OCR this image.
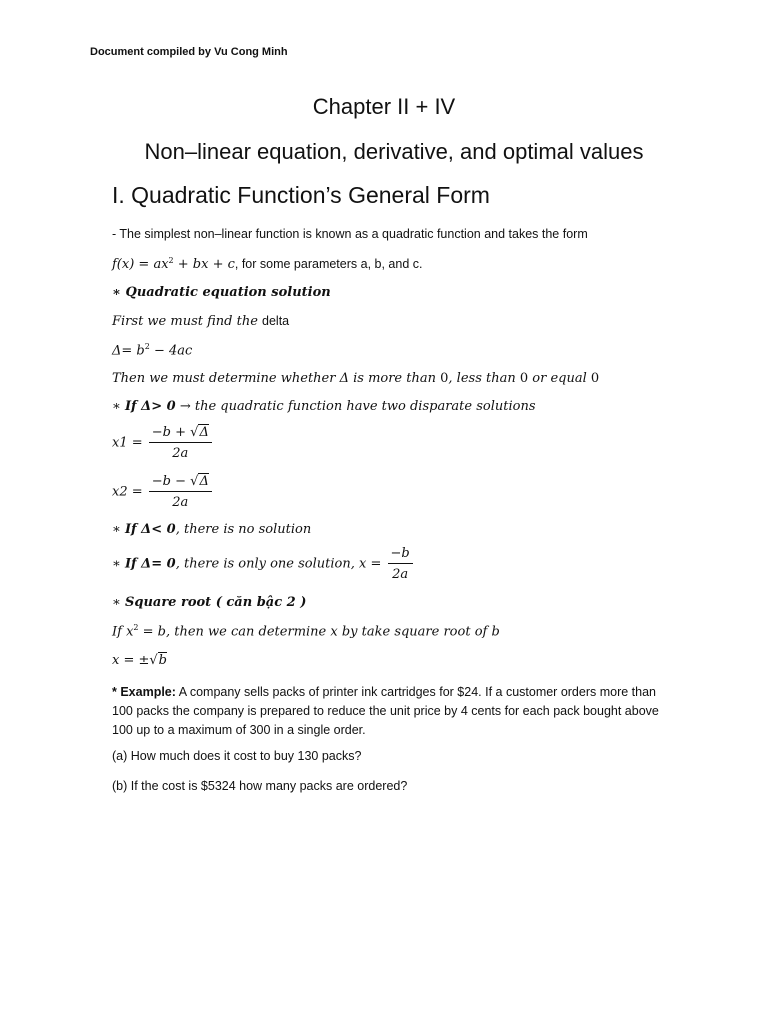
Document compiled by Vu Cong Minh
Chapter II + IV
Non–linear equation, derivative, and optimal values
I. Quadratic Function’s General Form
- The simplest non–linear function is known as a quadratic function and takes the form
$f(x) = ax^2$ + bx + c, for some parameters a, b, and c.
∗ Quadratic equation solution
First we must find the delta
$\Delta= b^2 - 4ac$
Then we must determine whether Δ is more than 0, less than 0 or equal 0
∗ If Δ> 0 → the quadratic function have two disparate solutions
$x1 = \frac{-b + √\Delta}{2a}$
$x2 = \frac{-b - √\Delta}{2a}$
∗ If Δ< 0, there is no solution
∗ If Δ= 0, there is only one solution, $x = \frac{-b}{2a}$
∗ Square root ( căn bậc 2 )
If $x^2 = b$, then we can determine x by take square root of b
x = ±√b
* Example: A company sells packs of printer ink cartridges for $24. If a customer orders more than 100 packs the company is prepared to reduce the unit price by 4 cents for each pack bought above 100 up to a maximum of 300 in a single order.
(a) How much does it cost to buy 130 packs?
(b) If the cost is $5324 how many packs are ordered?
